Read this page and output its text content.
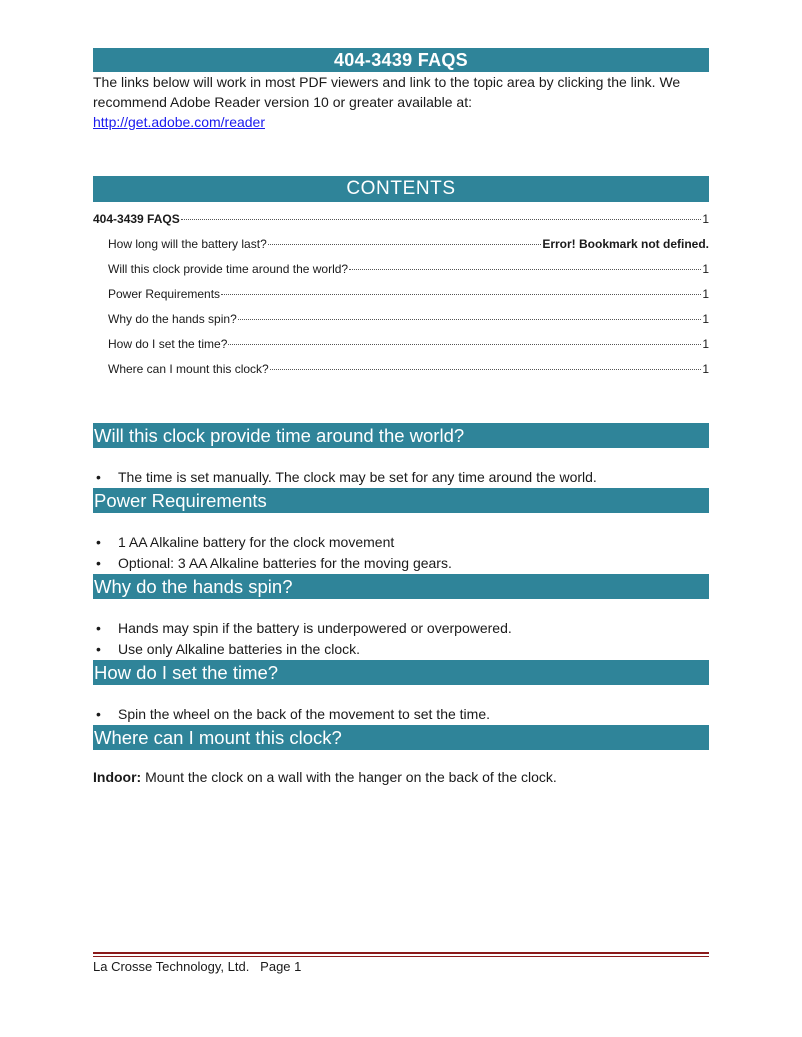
404-3439 FAQS
The links below will work in most PDF viewers and link to the topic area by clicking the link. We recommend Adobe Reader version 10 or greater available at:
http://get.adobe.com/reader
CONTENTS
404-3439 FAQS	1
How long will the battery last?	Error! Bookmark not defined.
Will this clock provide time around the world?	1
Power Requirements	1
Why do the hands spin?	1
How do I set the time?	1
Where can I mount this clock?	1
Will this clock provide time around the world?
• The time is set manually. The clock may be set for any time around the world.
Power Requirements
• 1 AA Alkaline battery for the clock movement
• Optional: 3 AA Alkaline batteries for the moving gears.
Why do the hands spin?
• Hands may spin if the battery is underpowered or overpowered.
• Use only Alkaline batteries in the clock.
How do I set the time?
• Spin the wheel on the back of the movement to set the time.
Where can I mount this clock?
Indoor: Mount the clock on a wall with the hanger on the back of the clock.
La Crosse Technology, Ltd.   Page 1
